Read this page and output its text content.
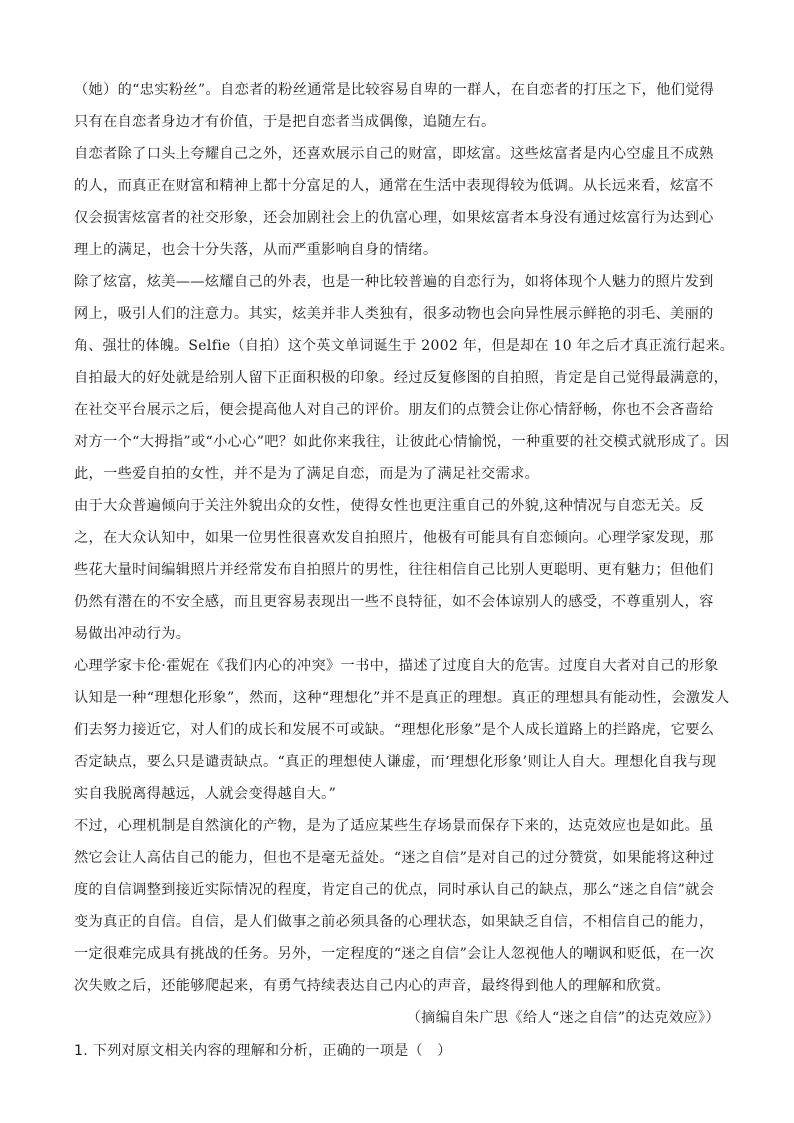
（她）的“忠实粉丝”。自恋者的粉丝通常是比较容易自卑的一群人，在自恋者的打压之下，他们觉得
只有在自恋者身边才有价值，于是把自恋者当成偶像，追随左右。
自恋者除了口头上夸耀自己之外，还喜欢展示自己的财富，即炫富。这些炫富者是内心空虚且不成熟
的人，而真正在财富和精神上都十分富足的人，通常在生活中表现得较为低调。从长远来看，炫富不
仅会损害炫富者的社交形象，还会加剧社会上的仇富心理，如果炫富者本身没有通过炫富行为达到心
理上的满足，也会十分失落，从而严重影响自身的情绪。
除了炫富，炫美——炫耀自己的外表，也是一种比较普遍的自恋行为，如将体现个人魅力的照片发到
网上，吸引人们的注意力。其实，炫美并非人类独有，很多动物也会向异性展示鲜艳的羽毛、美丽的
角、强壮的体魄。Selfie（自拍）这个英文单词诞生于 2002 年，但是却在 10 年之后才真正流行起来。
自拍最大的好处就是给别人留下正面积极的印象。经过反复修图的自拍照，肯定是自己觉得最满意的，
在社交平台展示之后，便会提高他人对自己的评价。朋友们的点赞会让你心情舒畅，你也不会吝啬给
对方一个“大拇指”或“小心心”吧？如此你来我往，让彼此心情愉悦，一种重要的社交模式就形成了。因
此，一些爱自拍的女性，并不是为了满足自恋，而是为了满足社交需求。
由于大众普遍倾向于关注外貌出众的女性，使得女性也更注重自己的外貌,这种情况与自恋无关。反
之，在大众认知中，如果一位男性很喜欢发自拍照片，他极有可能具有自恋倾向。心理学家发现，那
些花大量时间编辑照片并经常发布自拍照片的男性，往往相信自己比别人更聪明、更有魅力；但他们
仍然有潜在的不安全感，而且更容易表现出一些不良特征，如不会体谅别人的感受，不尊重别人，容
易做出冲动行为。
心理学家卡伦·霍妮在《我们内心的冲突》一书中，描述了过度自大的危害。过度自大者对自己的形象
认知是一种“理想化形象”，然而，这种“理想化”并不是真正的理想。真正的理想具有能动性，会激发人
们去努力接近它，对人们的成长和发展不可或缺。“理想化形象”是个人成长道路上的拦路虎，它要么
否定缺点，要么只是谴责缺点。“真正的理想使人谦虚，而‘理想化形象’则让人自大。理想化自我与现
实自我脱离得越远，人就会变得越自大。”
不过，心理机制是自然演化的产物，是为了适应某些生存场景而保存下来的，达克效应也是如此。虽
然它会让人高估自己的能力，但也不是毫无益处。“迷之自信”是对自己的过分赞赏，如果能将这种过
度的自信调整到接近实际情况的程度，肯定自己的优点，同时承认自己的缺点，那么“迷之自信”就会
变为真正的自信。自信，是人们做事之前必须具备的心理状态，如果缺乏自信，不相信自己的能力，
一定很难完成具有挑战的任务。另外，一定程度的“迷之自信”会让人忽视他人的嘲讽和贬低，在一次
次失败之后，还能够爬起来，有勇气持续表达自己内心的声音，最终得到他人的理解和欣赏。
（摘编自朱广思《给人“迷之自信”的达克效应》）
1. 下列对原文相关内容的理解和分析，正确的一项是（　）
